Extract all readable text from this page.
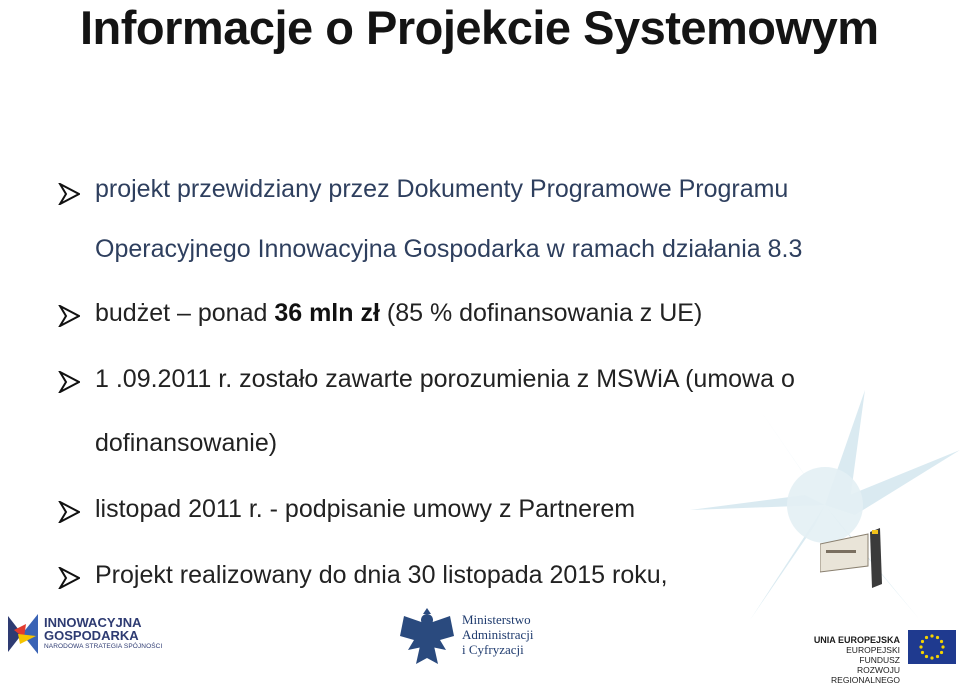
Informacje o Projekcie Systemowym
projekt przewidziany przez Dokumenty Programowe Programu
Operacyjnego Innowacyjna Gospodarka w ramach działania 8.3
budżet – ponad 36 mln zł (85 % dofinansowania z UE)
1 .09.2011 r. zostało zawarte porozumienia z MSWiA (umowa o
dofinansowanie)
listopad 2011 r. - podpisanie umowy z Partnerem
Projekt realizowany do dnia 30 listopada 2015 roku,
INNOWACYJNA
GOSPODARKA
NARODOWA STRATEGIA SPÓJNOŚCI
Ministerstwo
Administracji
i Cyfryzacji
UNIA EUROPEJSKA
EUROPEJSKI FUNDUSZ
ROZWOJU REGIONALNEGO
